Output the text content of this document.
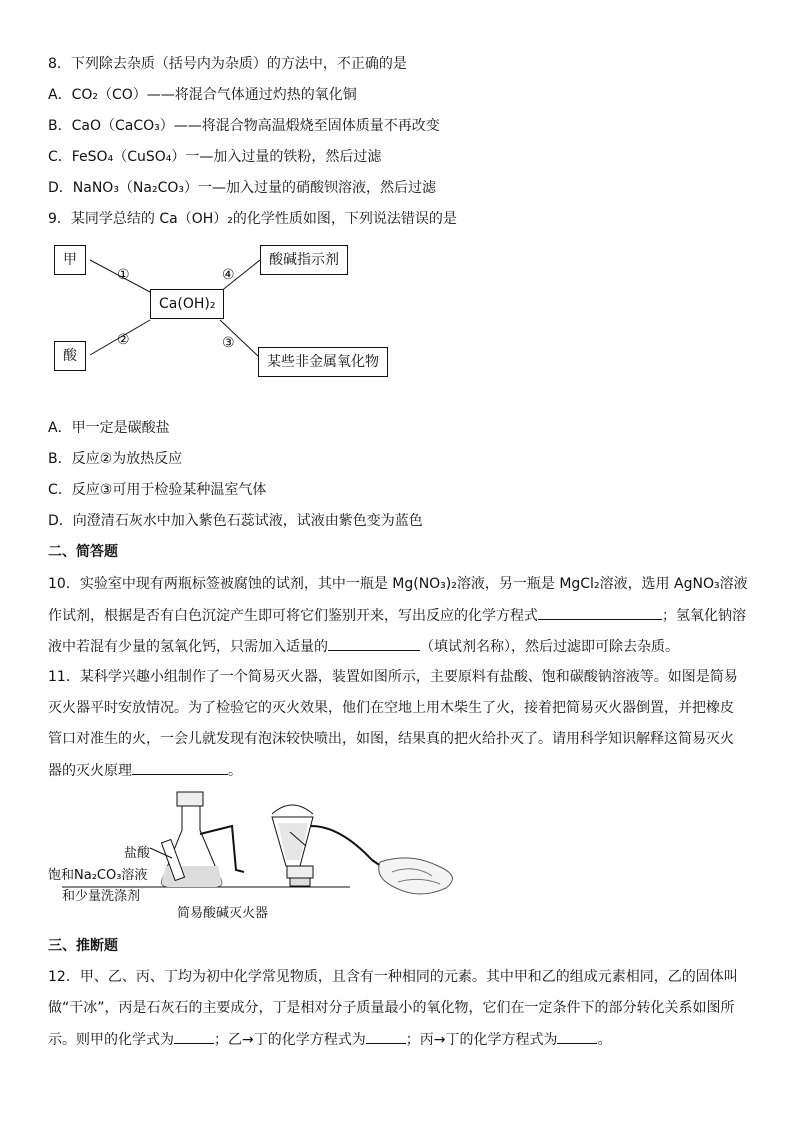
8．下列除去杂质（括号内为杂质）的方法中，不正确的是
A．CO₂（CO）——将混合气体通过灼热的氧化铜
B．CaO（CaCO₃）——将混合物高温煅烧至固体质量不再改变
C．FeSO₄（CuSO₄）一—加入过量的铁粉，然后过滤
D．NaNO₃（Na₂CO₃）一—加入过量的硝酸钡溶液，然后过滤
9．某同学总结的 Ca（OH）₂的化学性质如图，下列说法错误的是
甲
Ca(OH)₂
酸碱指示剂
酸	某些非金属氧化物
①
②	③
④
A．甲一定是碳酸盐
B．反应②为放热反应
C．反应③可用于检验某种温室气体
D．向澄清石灰水中加入紫色石蕊试液，试液由紫色变为蓝色
二、简答题
10．实验室中现有两瓶标签被腐蚀的试剂，其中一瓶是 Mg(NO₃)₂溶液，另一瓶是 MgCl₂溶液，选用 AgNO₃溶液
作试剂，根据是否有白色沉淀产生即可将它们鉴别开来，写出反应的化学方程式	；氢氧化钠溶
液中若混有少量的氢氧化钙，只需加入适量的	（填试剂名称），然后过滤即可除去杂质。
11．某科学兴趣小组制作了一个简易灭火器，装置如图所示，主要原料有盐酸、饱和碳酸钠溶液等。如图是简易
灭火器平时安放情况。为了检验它的灭火效果，他们在空地上用木柴生了火，接着把简易灭火器倒置，并把橡皮
管口对准生的火，一会儿就发现有泡沫较快喷出，如图，结果真的把火给扑灭了。请用科学知识解释这简易灭火
器的灭火原理	。
盐酸
饱和Na₂CO₃溶液
和少量洗涤剂
简易酸碱灭火器
三、推断题
12．甲、乙、丙、丁均为初中化学常见物质，且含有一种相同的元素。其中甲和乙的组成元素相同，乙的固体叫
做“干冰”，丙是石灰石的主要成分，丁是相对分子质量最小的氧化物，它们在一定条件下的部分转化关系如图所
示。则甲的化学式为	；乙→丁的化学方程式为	；丙→丁的化学方程式为	。
